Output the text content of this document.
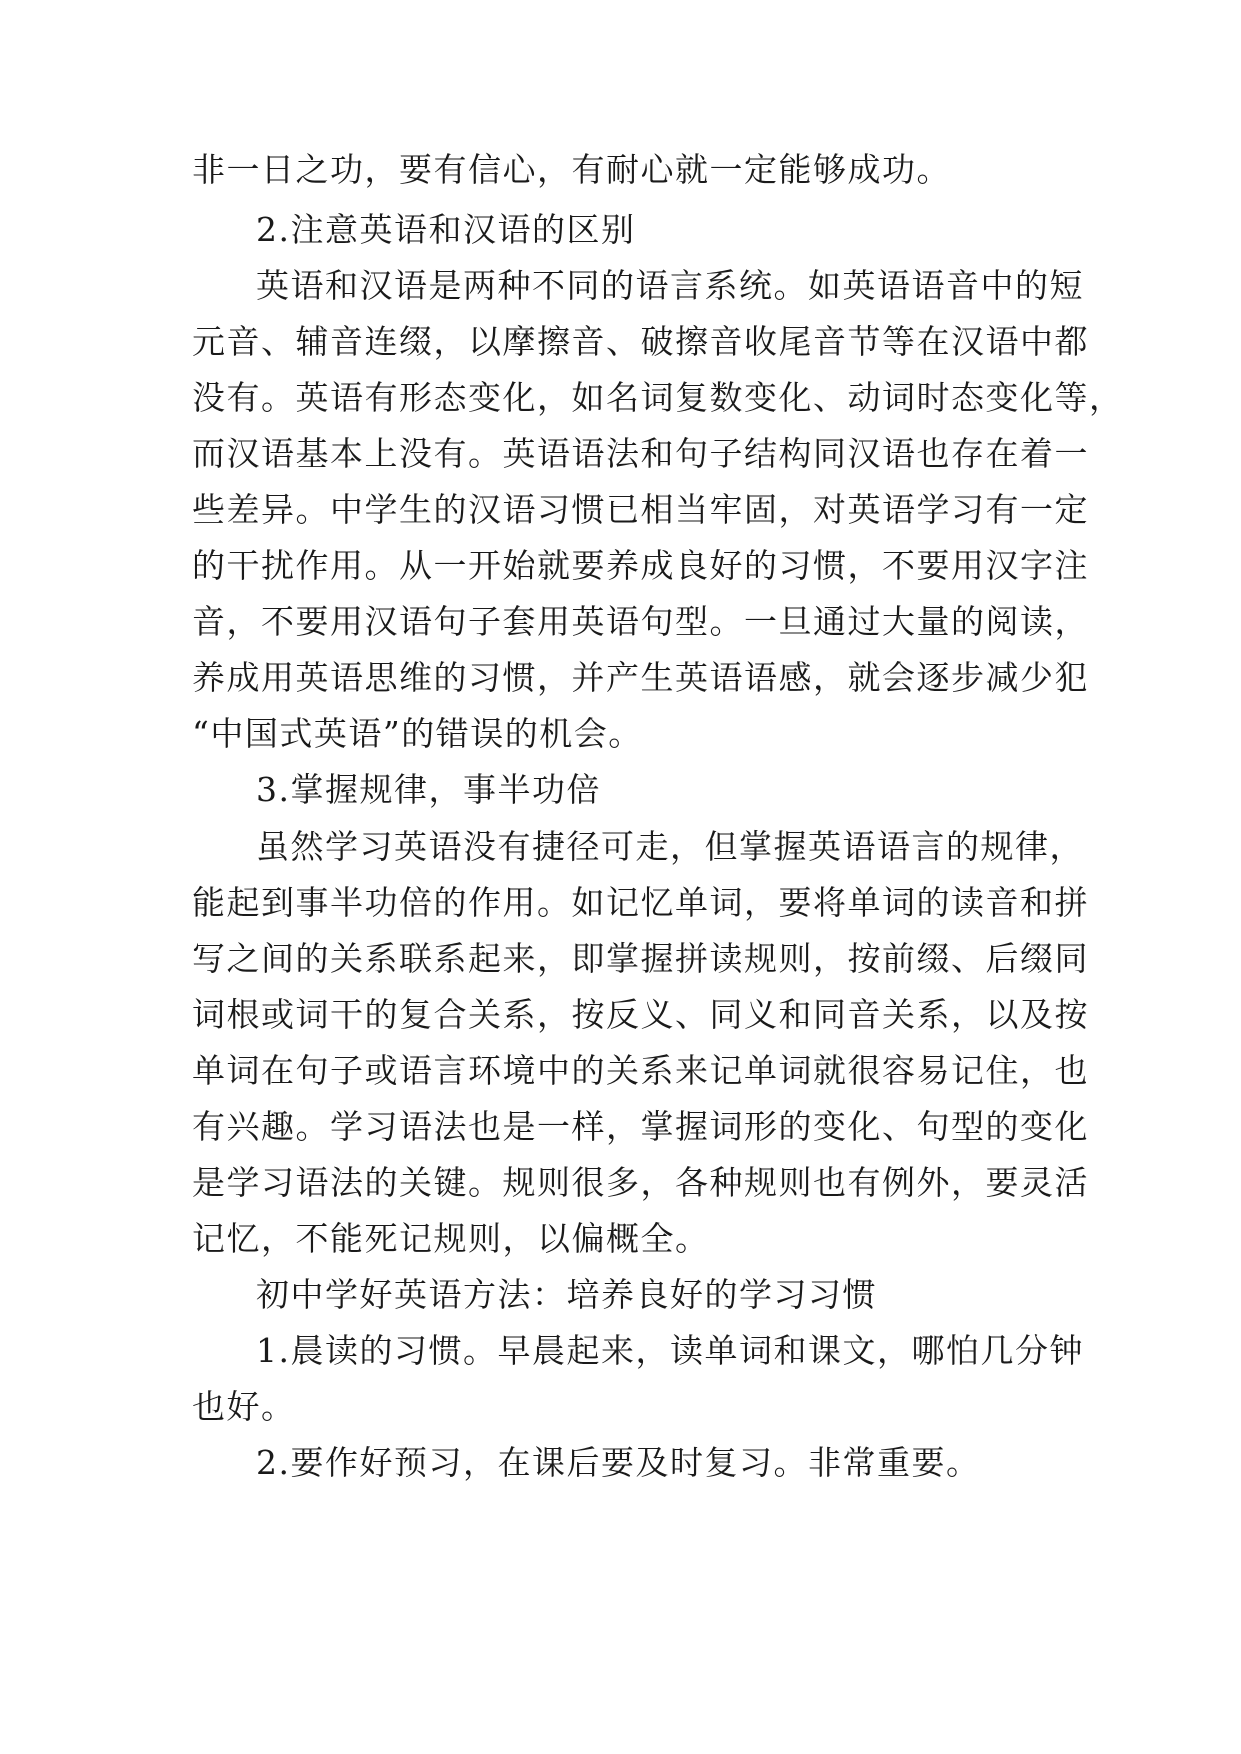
非一日之功，要有信心，有耐心就一定能够成功。
2.注意英语和汉语的区别
英语和汉语是两种不同的语言系统。如英语语音中的短
元音、辅音连缀，以摩擦音、破擦音收尾音节等在汉语中都
没有。英语有形态变化，如名词复数变化、动词时态变化等，
而汉语基本上没有。英语语法和句子结构同汉语也存在着一
些差异。中学生的汉语习惯已相当牢固，对英语学习有一定
的干扰作用。从一开始就要养成良好的习惯，不要用汉字注
音，不要用汉语句子套用英语句型。一旦通过大量的阅读，
养成用英语思维的习惯，并产生英语语感，就会逐步减少犯
“中国式英语”的错误的机会。
3.掌握规律，事半功倍
虽然学习英语没有捷径可走，但掌握英语语言的规律，
能起到事半功倍的作用。如记忆单词，要将单词的读音和拼
写之间的关系联系起来，即掌握拼读规则，按前缀、后缀同
词根或词干的复合关系，按反义、同义和同音关系，以及按
单词在句子或语言环境中的关系来记单词就很容易记住，也
有兴趣。学习语法也是一样，掌握词形的变化、句型的变化
是学习语法的关键。规则很多，各种规则也有例外，要灵活
记忆，不能死记规则，以偏概全。
初中学好英语方法：培养良好的学习习惯
1.晨读的习惯。早晨起来，读单词和课文，哪怕几分钟
也好。
2.要作好预习，在课后要及时复习。非常重要。
